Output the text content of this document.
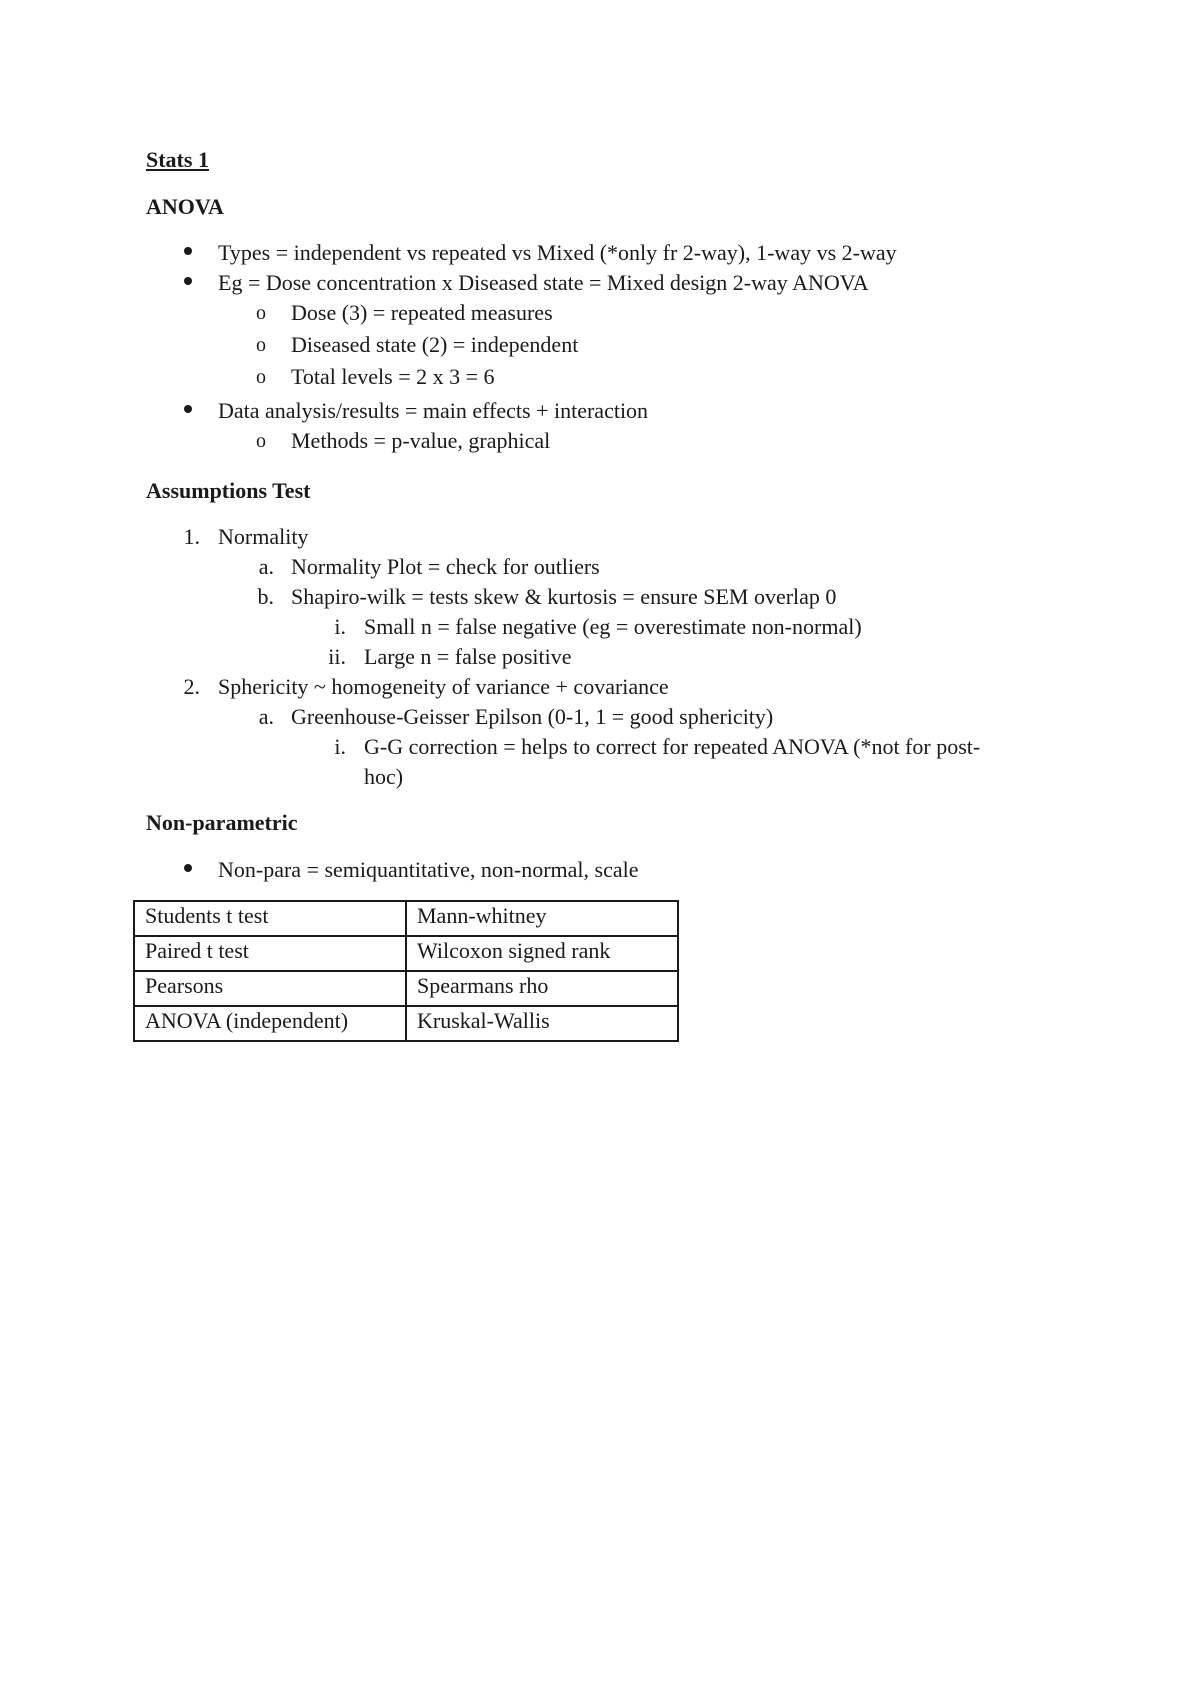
Stats 1
ANOVA
Types = independent vs repeated vs Mixed (*only fr 2-way), 1-way vs 2-way
Eg = Dose concentration x Diseased state = Mixed design 2-way ANOVA
o Dose (3) = repeated measures
o Diseased state (2) = independent
o Total levels = 2 x 3 = 6
Data analysis/results = main effects + interaction
o Methods = p-value, graphical
Assumptions Test
1. Normality
a. Normality Plot = check for outliers
b. Shapiro-wilk = tests skew & kurtosis = ensure SEM overlap 0
i. Small n = false negative (eg = overestimate non-normal)
ii. Large n = false positive
2. Sphericity ~ homogeneity of variance + covariance
a. Greenhouse-Geisser Epilson (0-1, 1 = good sphericity)
i. G-G correction = helps to correct for repeated ANOVA (*not for post-
hoc)
Non-parametric
Non-para = semiquantitative, non-normal, scale
Students t test	Mann-whitney
Paired t test	Wilcoxon signed rank
Pearsons	Spearmans rho
ANOVA (independent)	Kruskal-Wallis
